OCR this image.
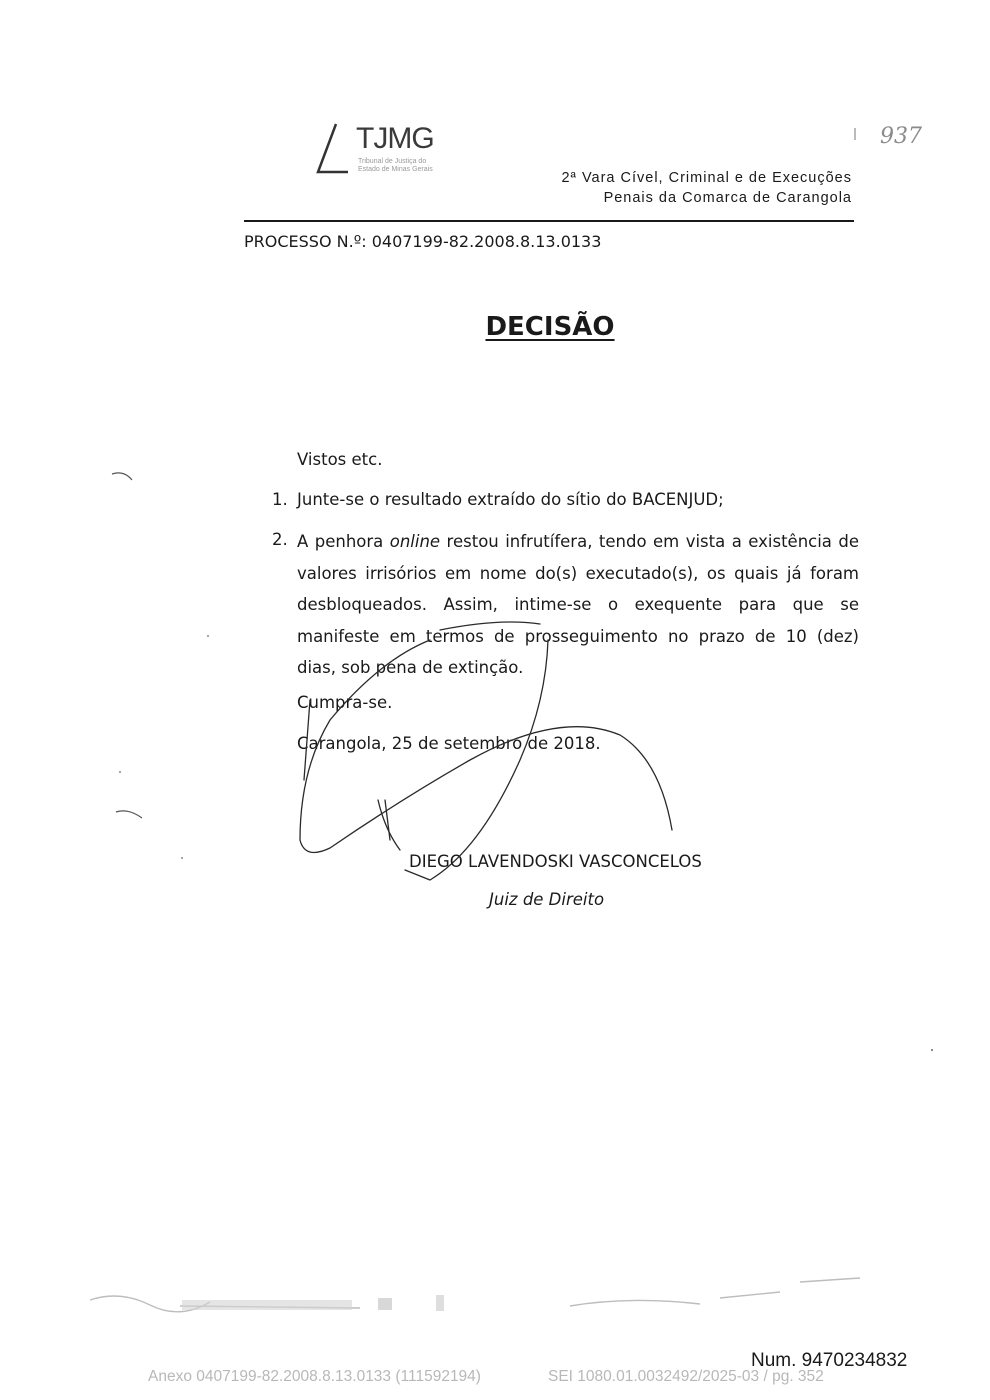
TJMG
Tribunal de Justiça do
Estado de Minas Gerais
937
2ª Vara Cível, Criminal e de Execuções
Penais da Comarca de Carangola
PROCESSO N.º: 0407199-82.2008.8.13.0133
DECISÃO
Vistos etc.
1. Junte-se o resultado extraído do sítio do BACENJUD;
2. A penhora online restou infrutífera, tendo em vista a existência de valores irrisórios em nome do(s) executado(s), os quais já foram desbloqueados. Assim, intime-se o exequente para que se manifeste em termos de prosseguimento no prazo de 10 (dez) dias, sob pena de extinção.
Cumpra-se.
Carangola, 25 de setembro de 2018.
DIEGO LAVENDOSKI VASCONCELOS
Juiz de Direito
Num. 9470234832
Anexo 0407199-82.2008.8.13.0133 (111592194)	SEI 1080.01.0032492/2025-03 / pg. 352
